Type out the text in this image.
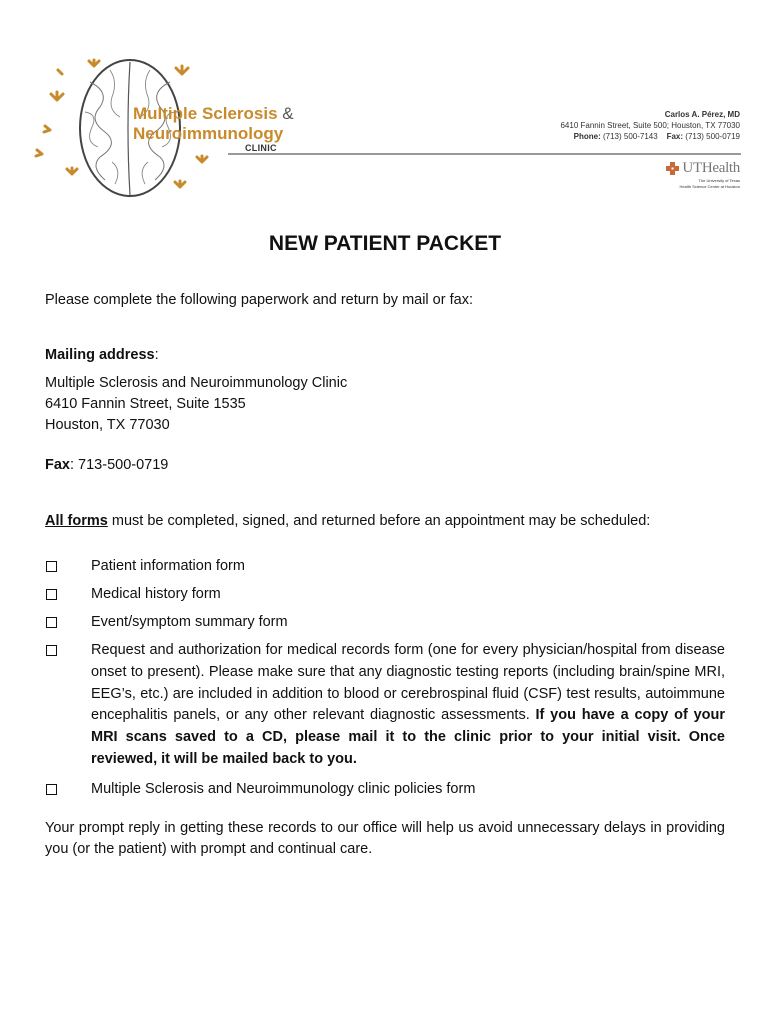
Multiple Sclerosis &
Neuroimmunology
CLINIC
Carlos A. Pérez, MD
6410 Fannin Street, Suite 500; Houston, TX 77030
Phone: (713) 500-7143 Fax: (713) 500-0719
UTHealth
The University of Texas
Health Science Center at Houston
NEW PATIENT PACKET
Please complete the following paperwork and return by mail or fax:
Mailing address:
Multiple Sclerosis and Neuroimmunology Clinic
6410 Fannin Street, Suite 1535
Houston, TX 77030
Fax: 713-500-0719
All forms must be completed, signed, and returned before an appointment may be scheduled:
Patient information form
Medical history form
Event/symptom summary form
Request and authorization for medical records form (one for every physician/hospital from disease onset to present). Please make sure that any diagnostic testing reports (including brain/spine MRI, EEG’s, etc.) are included in addition to blood or cerebrospinal fluid (CSF) test results, autoimmune encephalitis panels, or any other relevant diagnostic assessments. If you have a copy of your MRI scans saved to a CD, please mail it to the clinic prior to your initial visit. Once reviewed, it will be mailed back to you.
Multiple Sclerosis and Neuroimmunology clinic policies form
Your prompt reply in getting these records to our office will help us avoid unnecessary delays in providing you (or the patient) with prompt and continual care.
